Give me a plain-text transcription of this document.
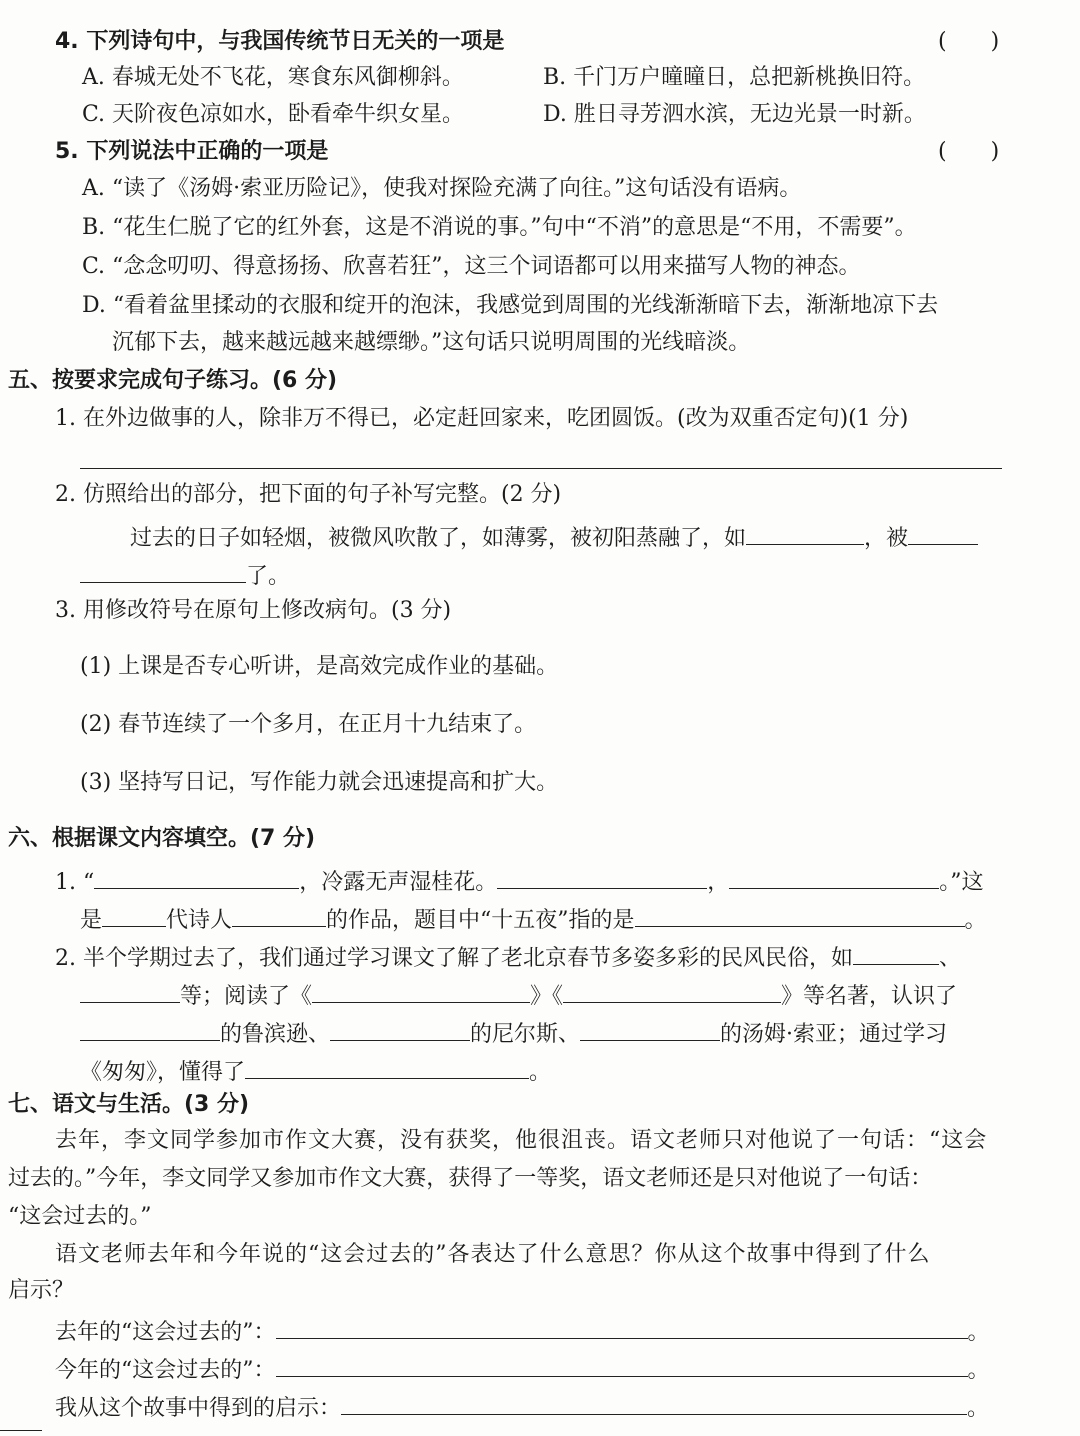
4. 下列诗句中，与我国传统节日无关的一项是	(　　)
A. 春城无处不飞花，寒食东风御柳斜。	B. 千门万户曈曈日，总把新桃换旧符。
C. 天阶夜色凉如水，卧看牵牛织女星。	D. 胜日寻芳泗水滨，无边光景一时新。
5. 下列说法中正确的一项是	(　　)
A. “读了《汤姆·索亚历险记》，使我对探险充满了向往。”这句话没有语病。
B. “花生仁脱了它的红外套，这是不消说的事。”句中“不消”的意思是“不用，不需要”。
C. “念念叨叨、得意扬扬、欣喜若狂”，这三个词语都可以用来描写人物的神态。
D. “看着盆里揉动的衣服和绽开的泡沫，我感觉到周围的光线渐渐暗下去，渐渐地凉下去
沉郁下去，越来越远越来越缥缈。”这句话只说明周围的光线暗淡。
五、按要求完成句子练习。(6 分)
1. 在外边做事的人，除非万不得已，必定赶回家来，吃团圆饭。(改为双重否定句)(1 分)
2. 仿照给出的部分，把下面的句子补写完整。(2 分)
过去的日子如轻烟，被微风吹散了，如薄雾，被初阳蒸融了，如	，被
了。
3. 用修改符号在原句上修改病句。(3 分)
(1) 上课是否专心听讲，是高效完成作业的基础。
(2) 春节连续了一个多月，在正月十九结束了。
(3) 坚持写日记，写作能力就会迅速提高和扩大。
六、根据课文内容填空。(7 分)
1. “	，冷露无声湿桂花。	，	。”这
是	代诗人	的作品，题目中“十五夜”指的是	。
2. 半个学期过去了，我们通过学习课文了解了老北京春节多姿多彩的民风民俗，如	、
等；阅读了《	》《	》等名著，认识了
的鲁滨逊、	的尼尔斯、	的汤姆·索亚；通过学习
《匆匆》，懂得了	。
七、语文与生活。(3 分)
去年，李文同学参加市作文大赛，没有获奖，他很沮丧。语文老师只对他说了一句话：“这会
过去的。”今年，李文同学又参加市作文大赛，获得了一等奖，语文老师还是只对他说了一句话：
“这会过去的。”
语文老师去年和今年说的“这会过去的”各表达了什么意思？你从这个故事中得到了什么
启示？
去年的“这会过去的”：	。
今年的“这会过去的”：	。
我从这个故事中得到的启示：	。
